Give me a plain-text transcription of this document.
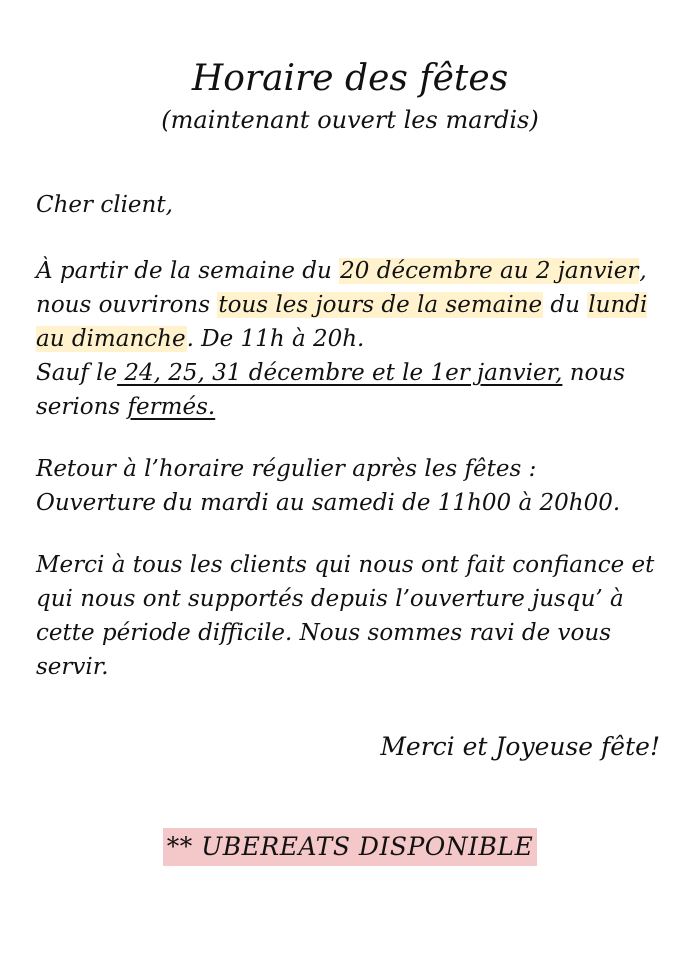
Horaire des fêtes

(maintenant ouvert les mardis)

Cher client,

À partir de la semaine du 20 décembre au 2 janvier, nous ouvrirons tous les jours de la semaine du lundi au dimanche. De 11h à 20h.
Sauf le 24, 25, 31 décembre et le 1er janvier, nous serions fermés.

Retour à l’horaire régulier après les fêtes :
Ouverture du mardi au samedi de 11h00 à 20h00.

Merci à tous les clients qui nous ont fait confiance et qui nous ont supportés depuis l’ouverture jusqu’ à cette période difficile. Nous sommes ravi de vous servir.

Merci et Joyeuse fête!

** UBEREATS DISPONIBLE
